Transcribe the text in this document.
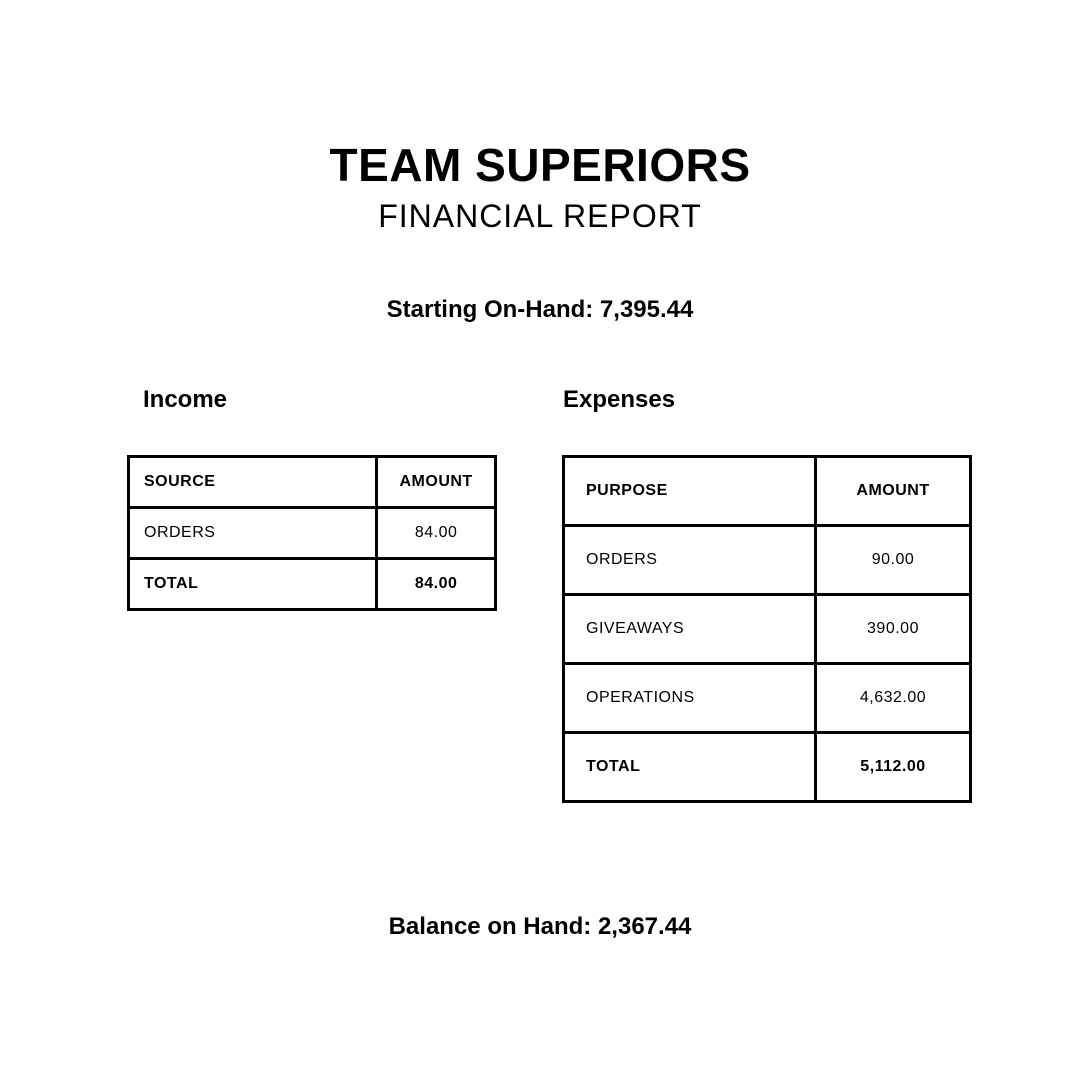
TEAM SUPERIORS
FINANCIAL REPORT
Starting On-Hand: 7,395.44
Income	Expenses
SOURCE	AMOUNT
ORDERS	84.00
TOTAL	84.00
PURPOSE	AMOUNT
ORDERS	90.00
GIVEAWAYS	390.00
OPERATIONS	4,632.00
TOTAL	5,112.00
Balance on Hand: 2,367.44
